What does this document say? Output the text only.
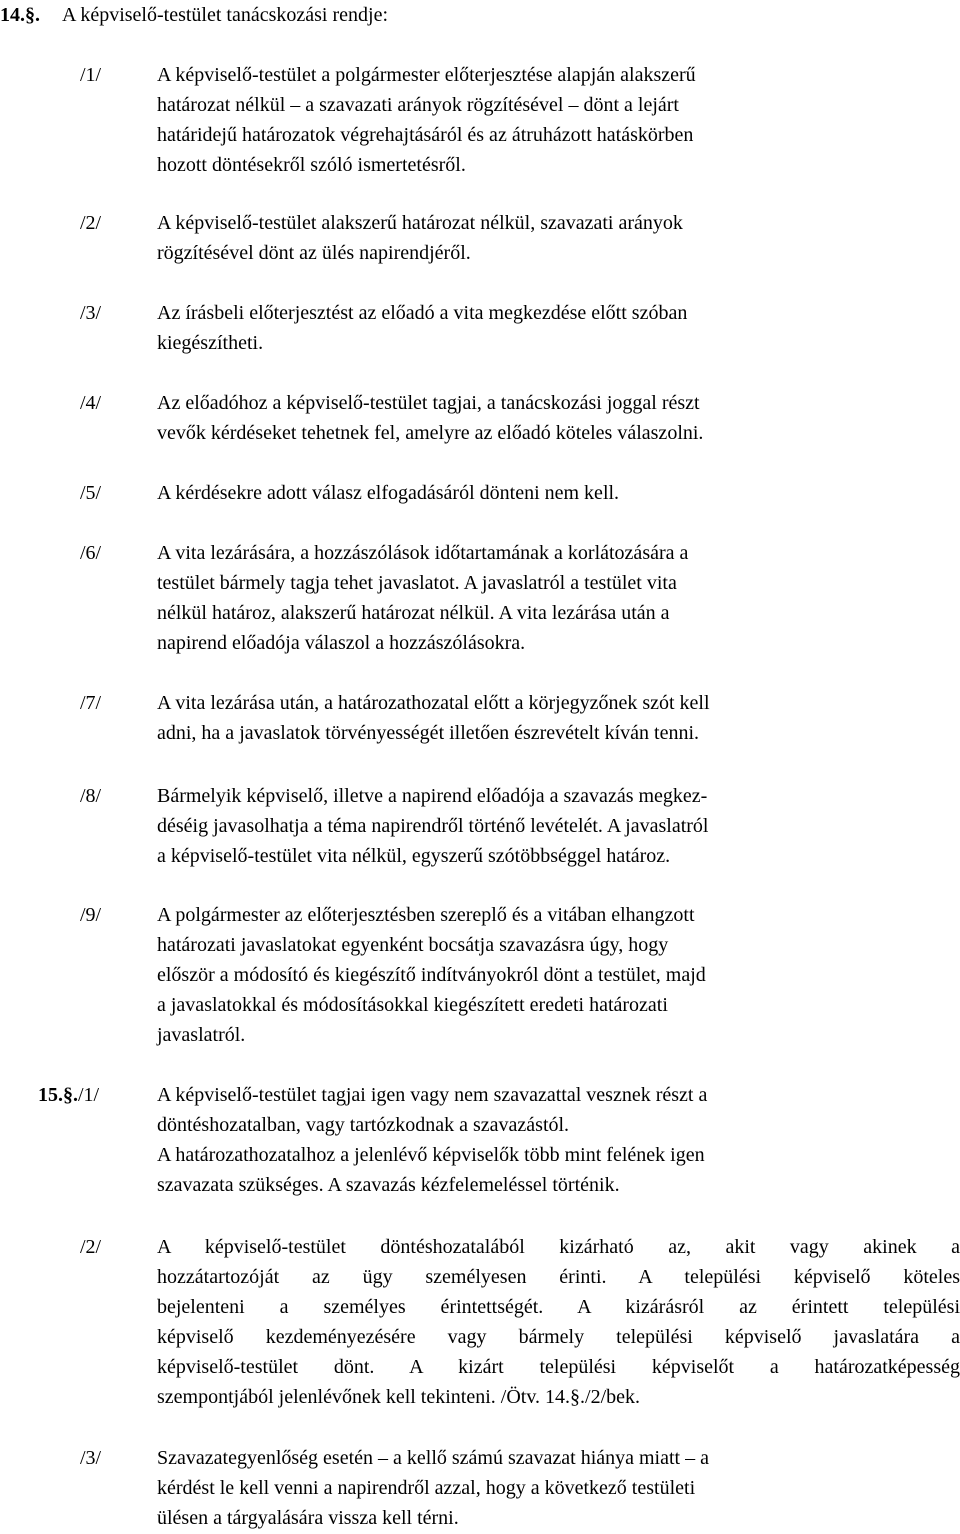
14.§. A képviselő-testület tanácskozási rendje:
/1/	A képviselő-testület a polgármester előterjesztése alapján alakszerű
határozat nélkül – a szavazati arányok rögzítésével – dönt a lejárt
határidejű határozatok végrehajtásáról és az átruházott hatáskörben
hozott döntésekről szóló ismertetésről.
/2/	A képviselő-testület alakszerű határozat nélkül, szavazati arányok
rögzítésével dönt az ülés napirendjéről.
/3/	Az írásbeli előterjesztést az előadó a vita megkezdése előtt szóban
kiegészítheti.
/4/	Az előadóhoz a képviselő-testület tagjai, a tanácskozási joggal részt
vevők kérdéseket tehetnek fel, amelyre az előadó köteles válaszolni.
/5/	A kérdésekre adott válasz elfogadásáról dönteni nem kell.
/6/	A vita lezárására, a hozzászólások időtartamának a korlátozására a
testület bármely tagja tehet javaslatot. A javaslatról a testület vita
nélkül határoz, alakszerű határozat nélkül. A vita lezárása után a
napirend előadója válaszol a hozzászólásokra.
/7/	A vita lezárása után, a határozathozatal előtt a körjegyzőnek szót kell
adni, ha a javaslatok törvényességét illetően észrevételt kíván tenni.
/8/	Bármelyik képviselő, illetve a napirend előadója a szavazás megkez-
déséig javasolhatja a téma napirendről történő levételét. A javaslatról
a képviselő-testület vita nélkül, egyszerű szótöbbséggel határoz.
/9/	A polgármester az előterjesztésben szereplő és a vitában elhangzott
határozati javaslatokat egyenként bocsátja szavazásra úgy, hogy
először a módosító és kiegészítő indítványokról dönt a testület, majd
a javaslatokkal és módosításokkal kiegészített eredeti határozati
javaslatról.
15.§./1/	A képviselő-testület tagjai igen vagy nem szavazattal vesznek részt a
döntéshozatalban, vagy tartózkodnak a szavazástól.
A határozathozatalhoz a jelenlévő képviselők több mint felének igen
szavazata szükséges. A szavazás kézfelemeléssel történik.
/2/	A képviselő-testület döntéshozatalából kizárható az, akit vagy akinek a
hozzátartozóját az ügy személyesen érinti. A települési képviselő köteles
bejelenteni a személyes érintettségét. A kizárásról az érintett települési
képviselő kezdeményezésére vagy bármely települési képviselő javaslatára a
képviselő-testület dönt. A kizárt települési képviselőt a határozatképesség
szempontjából jelenlévőnek kell tekinteni. /Ötv. 14.§./2/bek.
/3/	Szavazategyenlőség esetén – a kellő számú szavazat hiánya miatt – a
kérdést le kell venni a napirendről azzal, hogy a következő testületi
ülésen a tárgyalására vissza kell térni.
